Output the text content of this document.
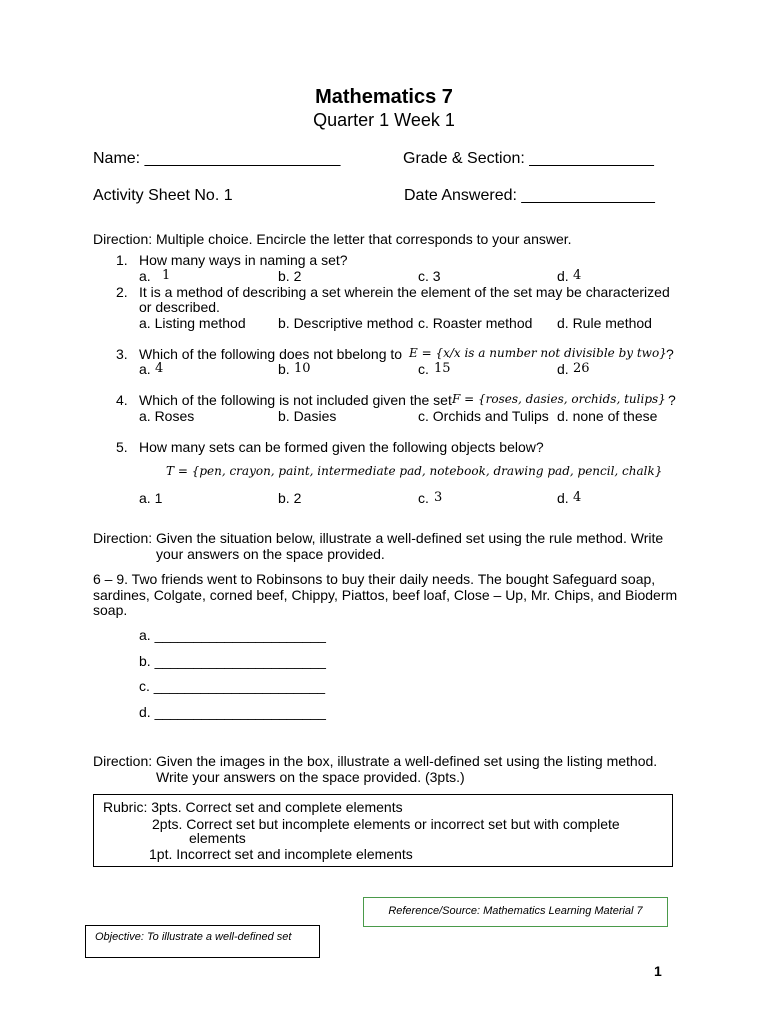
Mathematics 7
Quarter 1 Week 1
Name: ______________________	Grade & Section: ______________
Activity Sheet No. 1	Date Answered: _______________
Direction: Multiple choice. Encircle the letter that corresponds to your answer.
1. How many ways in naming a set?
a. 1	b. 2	c. 3	d. 4
2. It is a method of describing a set wherein the element of the set may be characterized
or described.
a. Listing method b. Descriptive method c. Roaster method d. Rule method
3. Which of the following does not bbelong to E = {x/x is a number not divisible by two} ?
a. 4	b. 10	c. 15	d. 26
4. Which of the following is not included given the set F = {roses, dasies, orchids, tulips} ?
a. Roses	b. Dasies	c. Orchids and Tulips d. none of these
5. How many sets can be formed given the following objects below?
T = {pen, crayon, paint, intermediate pad, notebook, drawing pad, pencil, chalk}
a. 1	b. 2	c. 3	d. 4
Direction: Given the situation below, illustrate a well-defined set using the rule method. Write
your answers on the space provided.
6 – 9. Two friends went to Robinsons to buy their daily needs. The bought Safeguard soap,
sardines, Colgate, corned beef, Chippy, Piattos, beef loaf, Close – Up, Mr. Chips, and Bioderm
soap.
a. ______________________
b. ______________________
c. ______________________
d. ______________________
Direction: Given the images in the box, illustrate a well-defined set using the listing method.
Write your answers on the space provided. (3pts.)
Rubric: 3pts. Correct set and complete elements
2pts. Correct set but incomplete elements or incorrect set but with complete
elements
1pt. Incorrect set and incomplete elements
Reference/Source: Mathematics Learning Material 7
Objective: To illustrate a well-defined set
1
